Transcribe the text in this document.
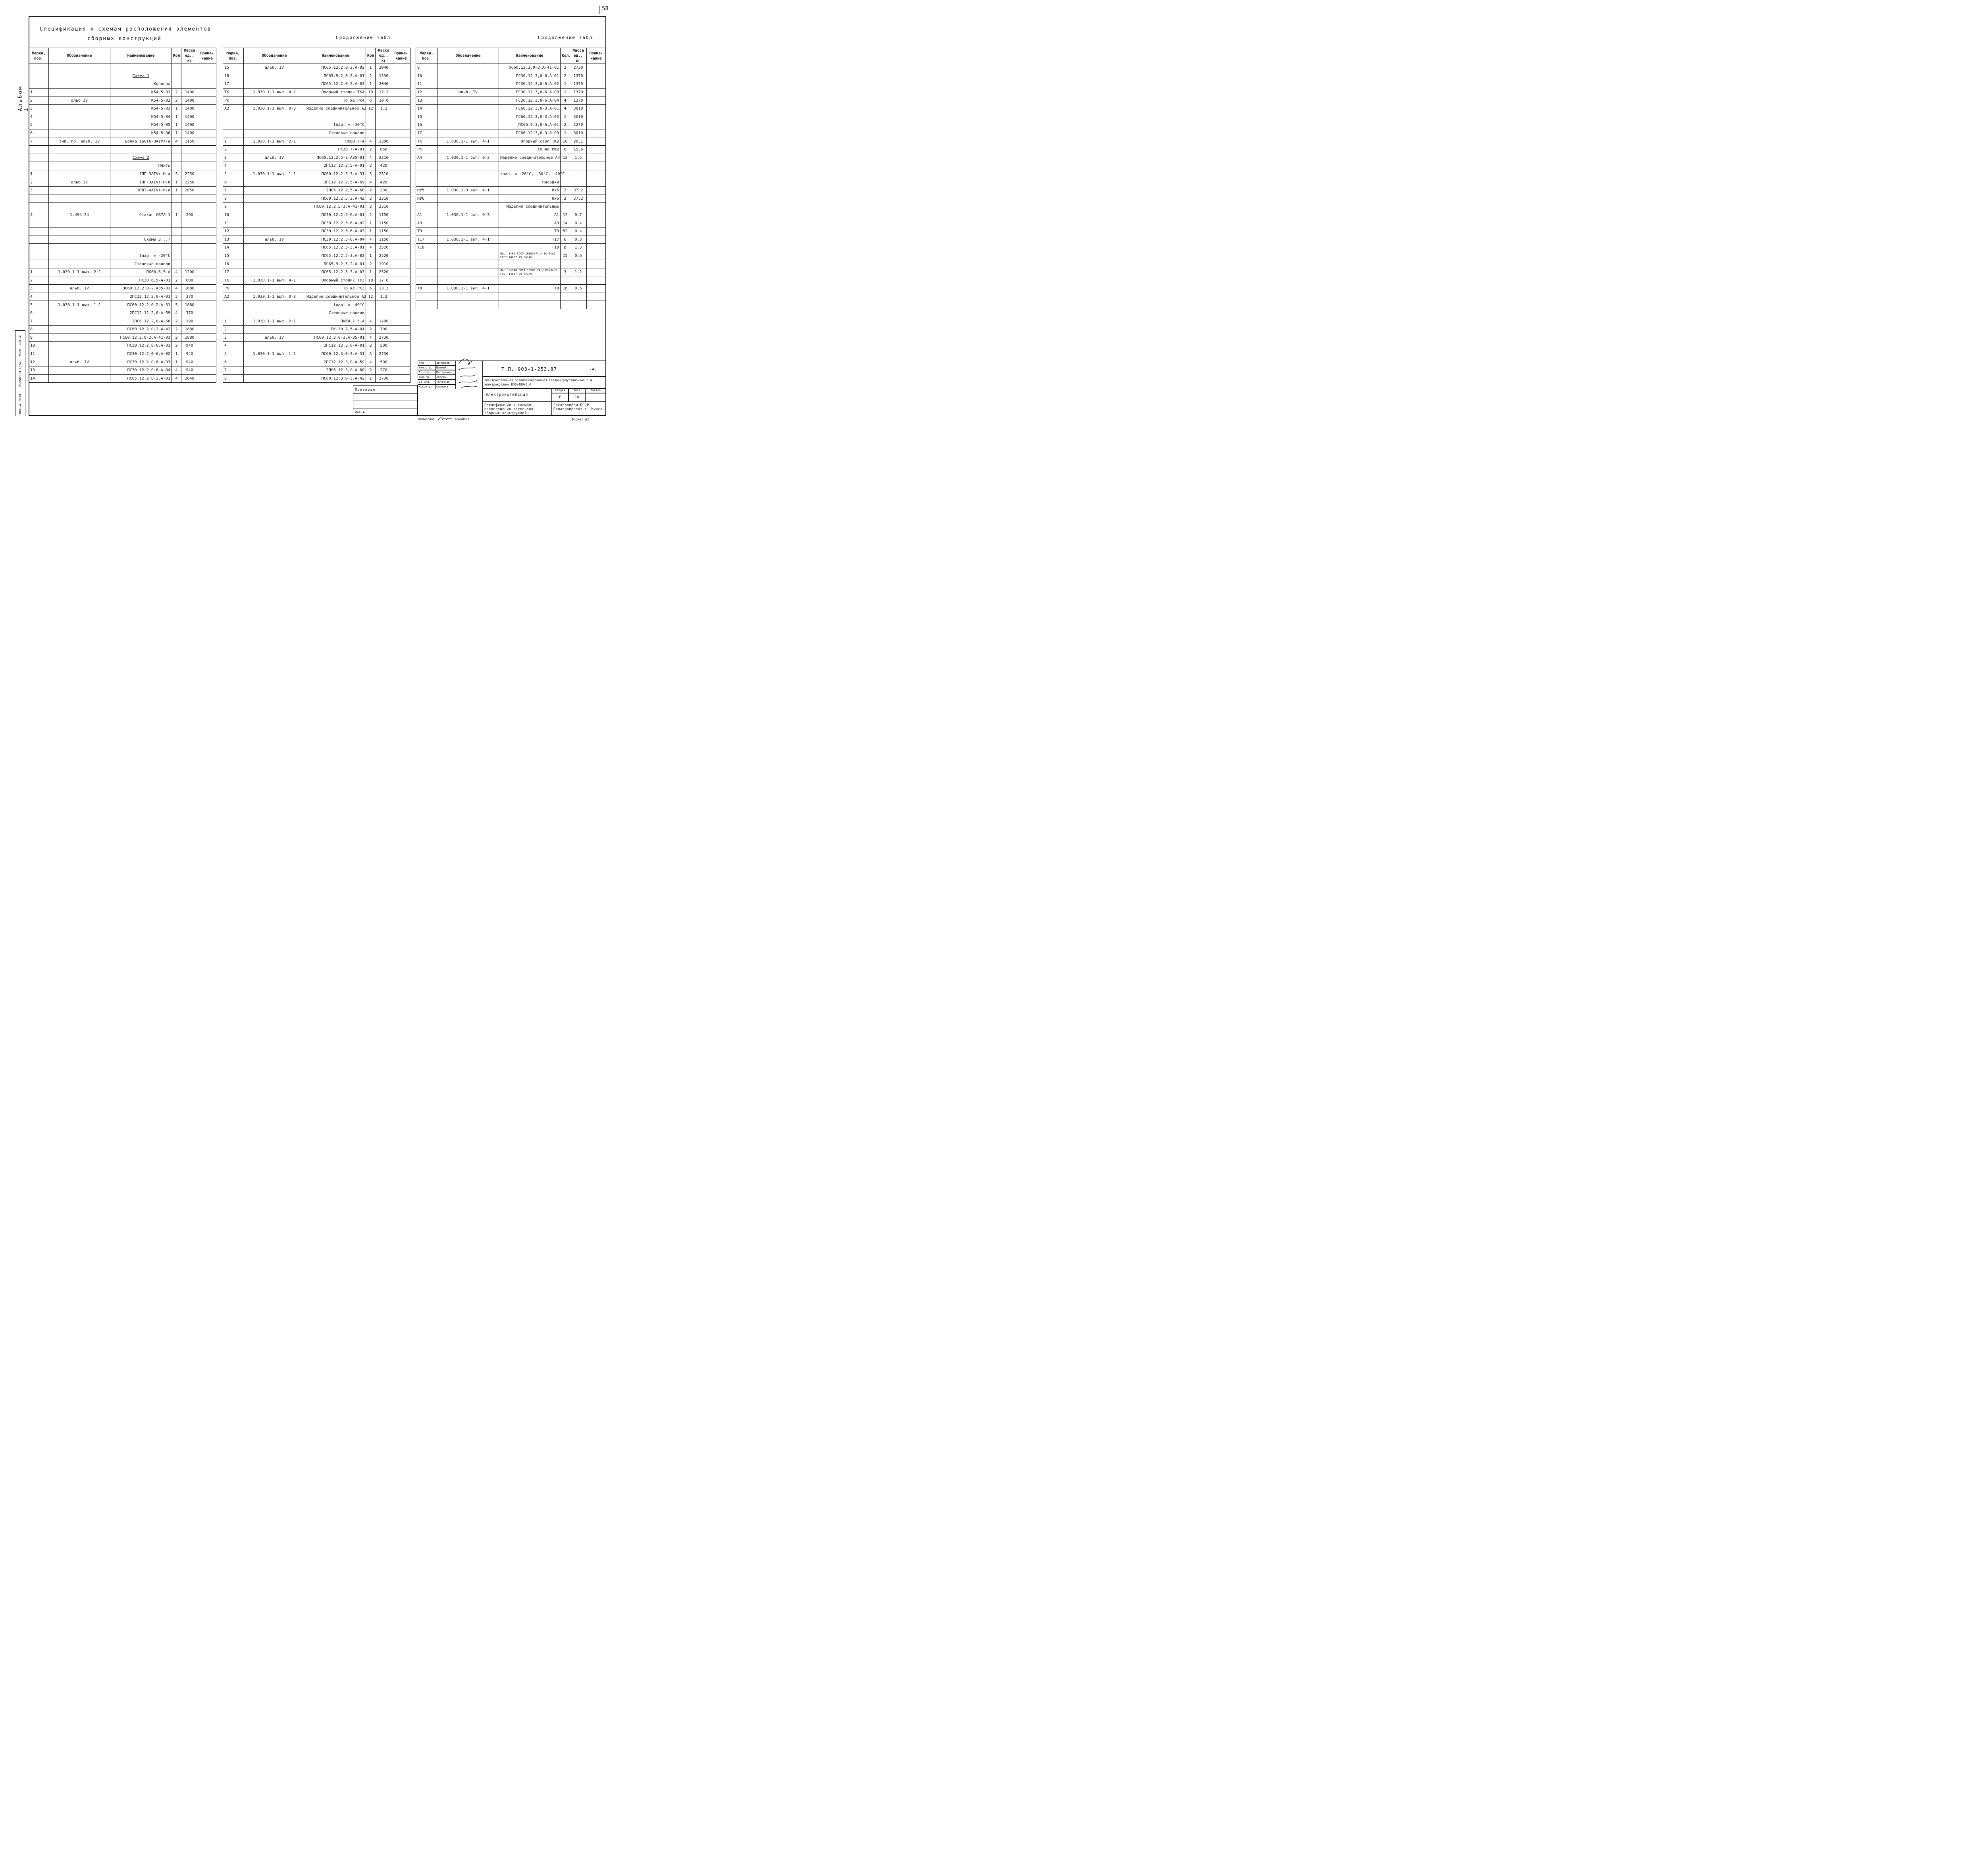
58
Альбом I
Спецификация к схемам расположения элементов
сборных конструкций	Продолжение табл.	Продолжение табл.
Марка, поз.	Обозначение	Наименование	Кол.	Масса ед., кг	Приме- чание

		Схема 1			
		Колонны			
1		К54-5-01	2	1400	
2	альб IV	К54-5-02	2	1400	
3		К54-5-03	1	1400	
4		К54-5-04	1	1400	
5		К54-5-05	1	1400	
6		К54-5-06	1	1400	
7	тип. пр. альб. IV	Балка 1БСТ6-3АIVт-а	4	1150	

		Схема 2			
		Плиты			
1		1ПГ-3АIVт-Н-а	3	2250	
2	альб IV	1ПГ-3АIVт-Н-б	1	2250	
3		1ПВТ-4АIVт-Н-а	1	2850	

4	1.494-24	Стакан СБ7А-1	1	290	

		Схемы 3...7			

		tнар. = -20°C			
		Стеновые панели			
1	1.030.1-1 вып. 2-1	ПК60.6,5-А	4	1200	
2		ПК30.6,5-А-01	2	600	
3	альб. IV	ПС60.12.2,0-2.А35-01	4	1880	
4		2ПС12.12.2,0-А-01	2	370	
5	1.030.1-1 вып. 1-1	ПС60.12.2,0-2.А-31	5	1880	
6		2ПС12.12.2,0-А-59	4	370	
7		2ПС6.12.2,0-А-60	2	190	
8		ПС60.12.2,0-2.А-42	2	1880	
9		ПС60.12.2,0-2.А-41-01	2	1880	
10		ПС30.12.2,0-6.А-01	2	940	
11		ПС30.12.2,0-6.А-02	1	940	
12	альб. IV	ПС30.12.2,0-6.А-03	1	940	
13		ПС30.12.2,0-6.А-04	4	940	
14		ПС65.12.2,0-2.А-01	4	2040	
Марка, поз.	Обозначение	Наименование	Кол.	Масса ед., кг	Приме- чание
15	альб. IV	ПС65.12.2,0-2.А-02	1	2040	
16		ПС65.9.2,0-2.А-01	2	1530	
17		ПС65.12.2,0-2.А-03	1	2040	
ТК	1.030.1-1 вып. 4-1	Опорный столик ТК4	10	12.2	
РК		То же РК4	6	10.0	
А2	1.030.1-1 вып. 0-3	Изделие соединительное А2	12	1.2	

		tнар. = -30°C			
		Стеновые панели			
1	1.030.1-1 вып. 2-1	ПК60.7-А	4	1300	
2		ПК30.7-А-01	2	650	
3	альб. IV	ПС60.12.2,5-3.А35-01	4	2310	
4		2ПС12.12.2,5-А-01	2	420	
5	1.030.1-1 вып. 1-1	ПС60.12.2,5-3.А-31	5	2310	
6		2ПС12.12.2,5-А-59	4	420	
7		2ПС6.12.2,5-А-60	2	230	
8		ПС60.12.2,5-3.А-42	2	2310	
9		ПС60.12.2,5-3.А-41-01	2	2310	
10		ПС30.12.2,5-6.А-01	2	1150	
11		ПС30.12.2,5-6.А-02	1	1150	
12		ПС30.12.2,5-6.А-03	1	1150	
13	альб. IV	ПС30.12.2,5-6.А-04	4	1150	
14		ПС65.12.2,5-3.А-01	4	2520	
15		ПС65.12.2,5-3.А-02	1	2520	
16		ПС65.9.2,5-2.А-01	2	1910	
17		ПС65.12.2,5-3.А-03	1	2520	
ТК	1.030.1-1 вып. 4-1	Опорный столик ТК3	10	17.6	
РК		То же РК3	6	13.3	
А2	1.030.1-1 вып. 0-3	Изделие соединительное А2	12	1.2	
		tнар. = -40°C			
		Стеновые панели			
1	1.030.1-1 вып. 2-1	ПК60.7,5-А	4	1400	
2		ПК-30.7,5-А-01	2	700	
3	альб. IV	ПС60.12.3,0-3.А-35-01	4	2730	
4		2ПС12.12.3,0-А-01	2	500	
5	1.030.1-1 вып. 1-1	ПС60.12.3,0-3.А-31	5	2730	
6		2ПС12.12.3,0-А-59	4	500	
7		2ПС6.12.3,0-А-60	2	270	
8		ПС60.12.3,0-3.А-42	2	2730	
Марка, поз.	Обозначение	Наименование	Кол.	Масса ед., кг	Приме- чание
9		ПС60.12.3,0-3.А-41-01	2	2730	
10		ПС30.12.3,0-6.А-01	2	1370	
11		ПС30.12.3,0-6.А-02	1	1370	
12	альб. IV	ПС30.12.3,0-6.А-03	1	1370	
13		ПС30.12.3,0-6.А-04	4	1370	
14		ПС66.12.3,0-3.А-01	4	3010	
15		ПС66.12.3,0-3.А-02	1	3010	
16		ПС66.9.3,0-6.А-01	2	2270	
17		ПС66.12.3,0-3.А-03	1	3010	
ТК	1.030.1-1 вып. 4-1	Опорный стол ТК2	10	20.1	
РК		То же РК2	6	15.6	
А4	1.030.1-1 вып. 0-3	Изделие соединительное А4	12	1.5	

		tнар. = -20°C, -30°C, -40°C			
		Насадки			
НУ5	1.030.1-3 вып. 4-1	НУ5	2	37.2	
НУ6		НУ6	2	37.2	
		Изделия соединительные			
А1	1.030.1-1 вып. 0-3	А1	12	0.7	
А3		А3	14	0.4	
Т3		Т3	52	0.4	
Т17	1.030.1-1 вып. 4-1	Т17	6	0.3	
Т10		Т10	8	1.3	
		Лист 8×80 ГОСТ 19903-74 / ВСт3кп2 ГОСТ 14637-79 l=140	15	0.6	

		Лист 8×140 ГОСТ 19903-74 / ВСт3кп2 ГОСТ 14637-79 l=140	3	1.2	

Т8	1.030.1-1 вып. 4-1	Т8	16	0.5	

Взам. инв.№
Подпись и дата
Инв.№ подл.
Привязан
Инв.№
ГИП	Зинберов
Нач.отд.	Шатный
Гл.спец.	Парховчик
Рук.гр.	Ходель
Ст.инж.	Толочная
Н.контр.	Сарнина
Т.П. 903-1-253.87	-АС
Электрокотельная автоматизированная теплоаккумуляционная с 4 электрокотлами КЭВ-400/0,4
Электрокотельная
Стадия	Лист	Листов
Р	10
Спецификация к схемам расположения элементов сборных конструкций
Госагропром БССР Белагропроект г. Минск
Копировал	Крыжиков	Формат А2
